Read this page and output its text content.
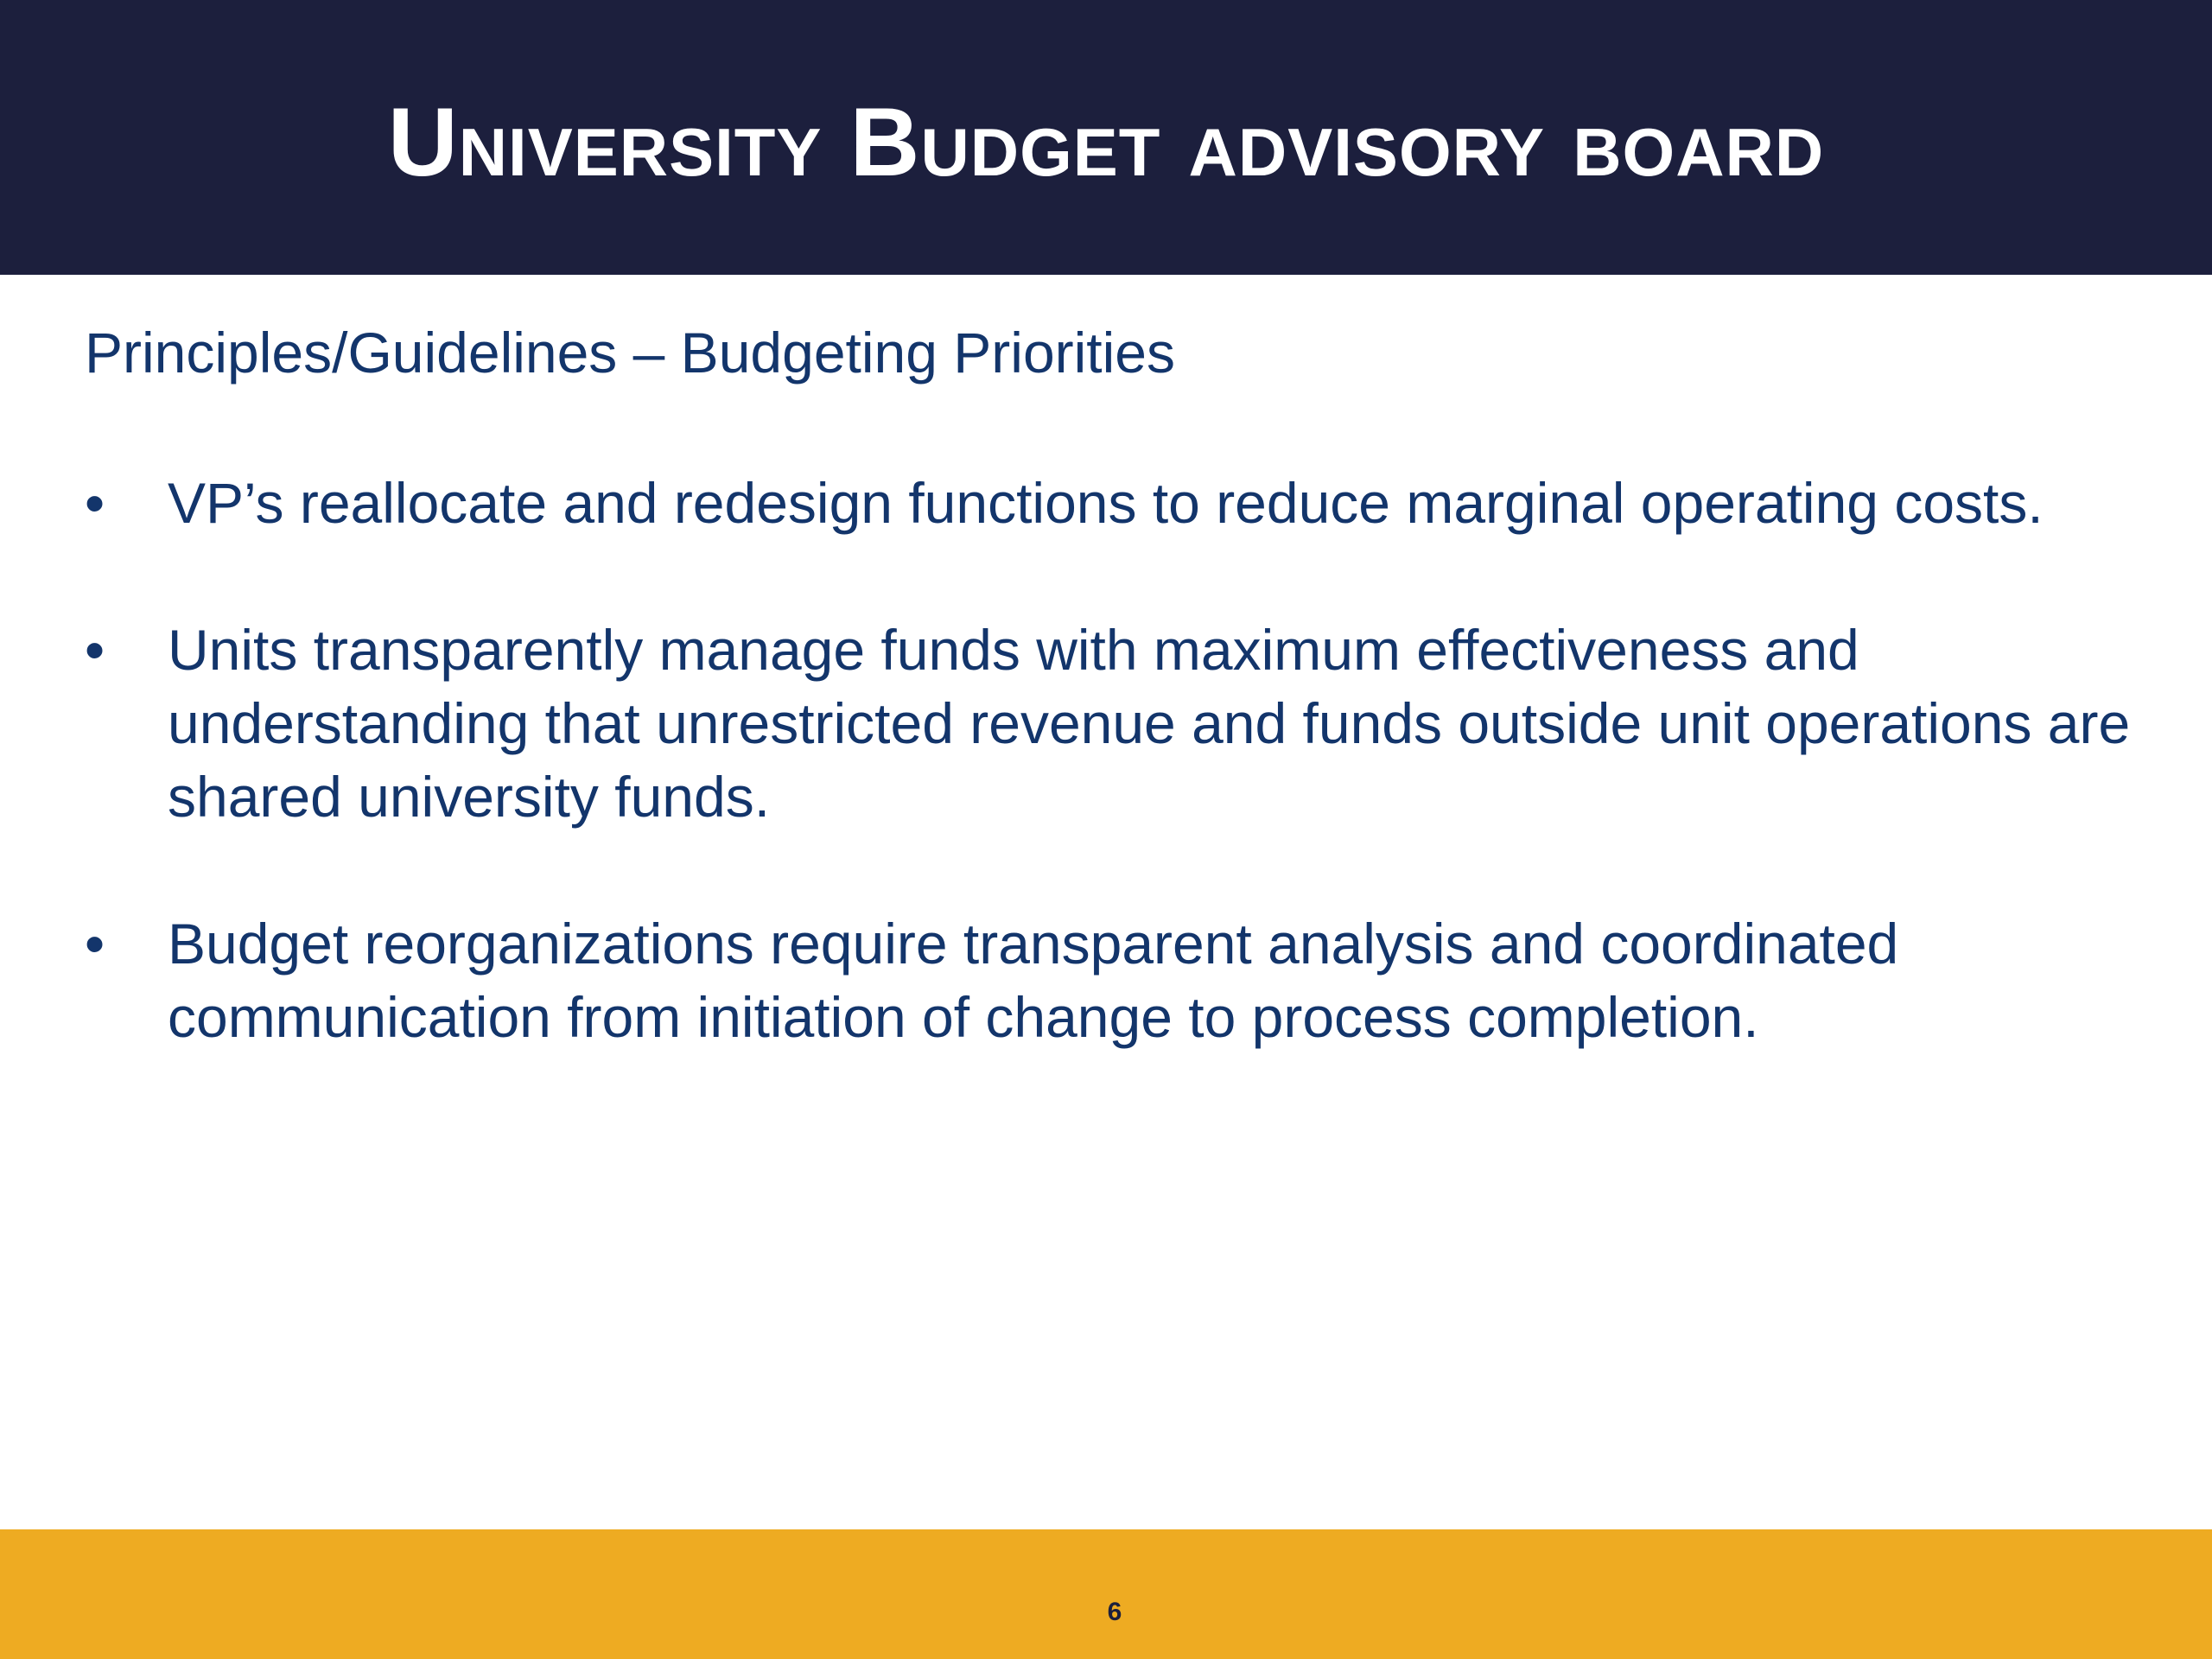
University Budget advisory board
Principles/Guidelines – Budgeting Priorities
• VP’s reallocate and redesign functions to reduce marginal operating costs.
• Units transparently manage funds with maximum effectiveness and understanding that unrestricted revenue and funds outside unit operations are shared university funds.
• Budget reorganizations require transparent analysis and coordinated communication from initiation of change to process completion.
6
